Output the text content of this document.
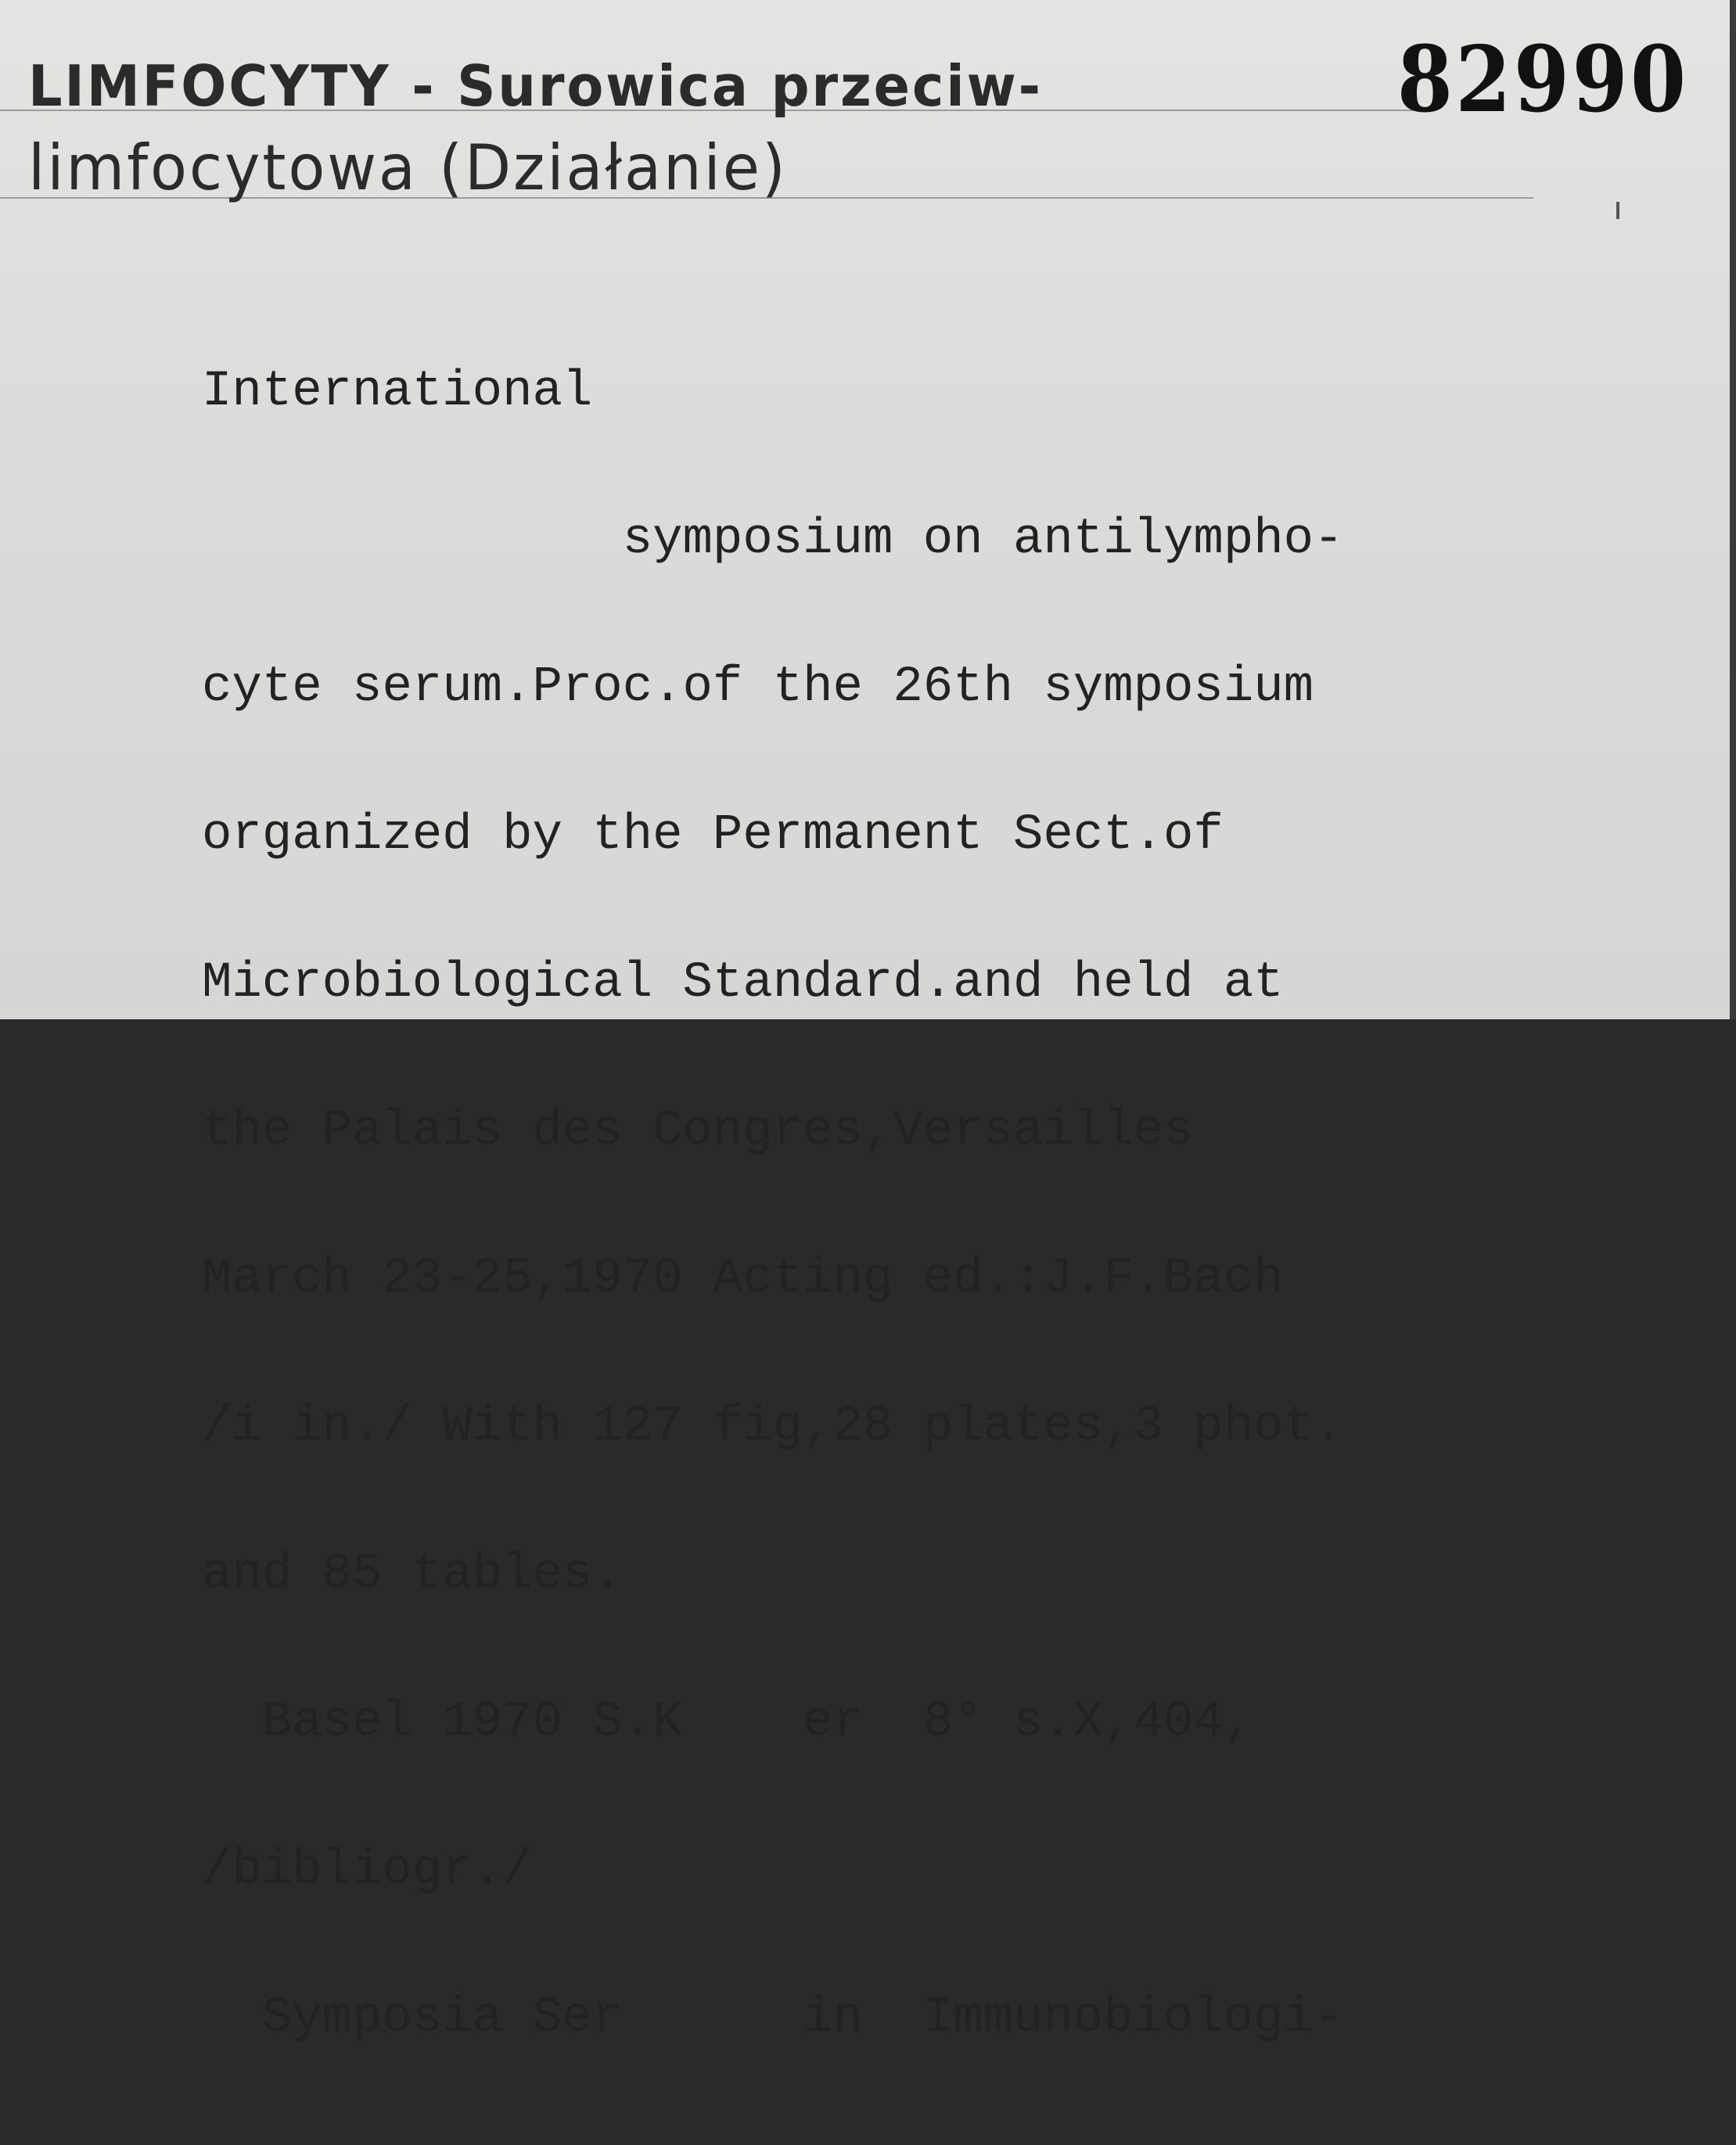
LIMFOCYTY - Surowica przeciw-
limfocytowa (Działanie)
82990

International

symposium on antilympho-

cyte serum.Proc.of the 26th symposium

organized by the Permanent Sect.of

Microbiological Standard.and held at

the Palais des Congres,Versailles

March 23-25,1970 Acting ed.:J.F.Bach

/i in./ With 127 fig,28 plates,3 phot.

and 85 tables.

Basel 1970 S.K    er  8° s.X,404,

/bibliogr./

Symposia Ser      in  Immunobiologi-
